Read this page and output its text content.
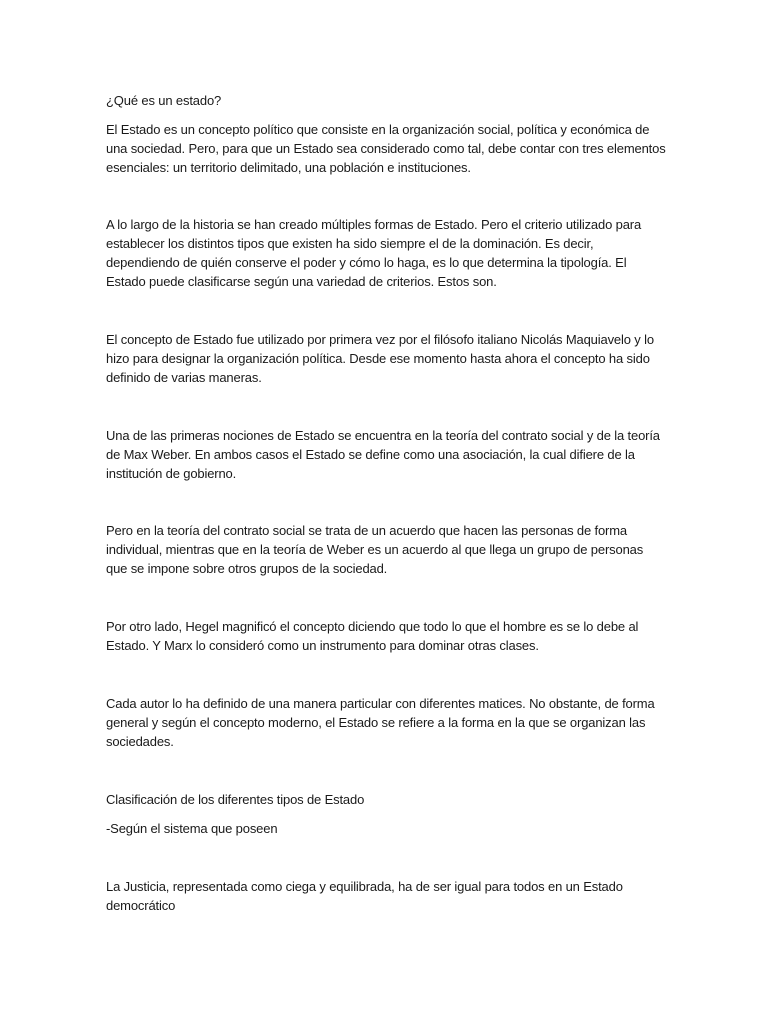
¿Qué es un estado?

El Estado es un concepto político que consiste en la organización social, política y económica de una sociedad. Pero, para que un Estado sea considerado como tal, debe contar con tres elementos esenciales: un territorio delimitado, una población e instituciones.

A lo largo de la historia se han creado múltiples formas de Estado. Pero el criterio utilizado para establecer los distintos tipos que existen ha sido siempre el de la dominación. Es decir, dependiendo de quién conserve el poder y cómo lo haga, es lo que determina la tipología. El Estado puede clasificarse según una variedad de criterios. Estos son.

El concepto de Estado fue utilizado por primera vez por el filósofo italiano Nicolás Maquiavelo y lo hizo para designar la organización política. Desde ese momento hasta ahora el concepto ha sido definido de varias maneras.

Una de las primeras nociones de Estado se encuentra en la teoría del contrato social y de la teoría de Max Weber. En ambos casos el Estado se define como una asociación, la cual difiere de la institución de gobierno.

Pero en la teoría del contrato social se trata de un acuerdo que hacen las personas de forma individual, mientras que en la teoría de Weber es un acuerdo al que llega un grupo de personas que se impone sobre otros grupos de la sociedad.

Por otro lado, Hegel magnificó el concepto diciendo que todo lo que el hombre es se lo debe al Estado. Y Marx lo consideró como un instrumento para dominar otras clases.

Cada autor lo ha definido de una manera particular con diferentes matices. No obstante, de forma general y según el concepto moderno, el Estado se refiere a la forma en la que se organizan las sociedades.

Clasificación de los diferentes tipos de Estado

-Según el sistema que poseen

La Justicia, representada como ciega y equilibrada, ha de ser igual para todos en un Estado democrático
